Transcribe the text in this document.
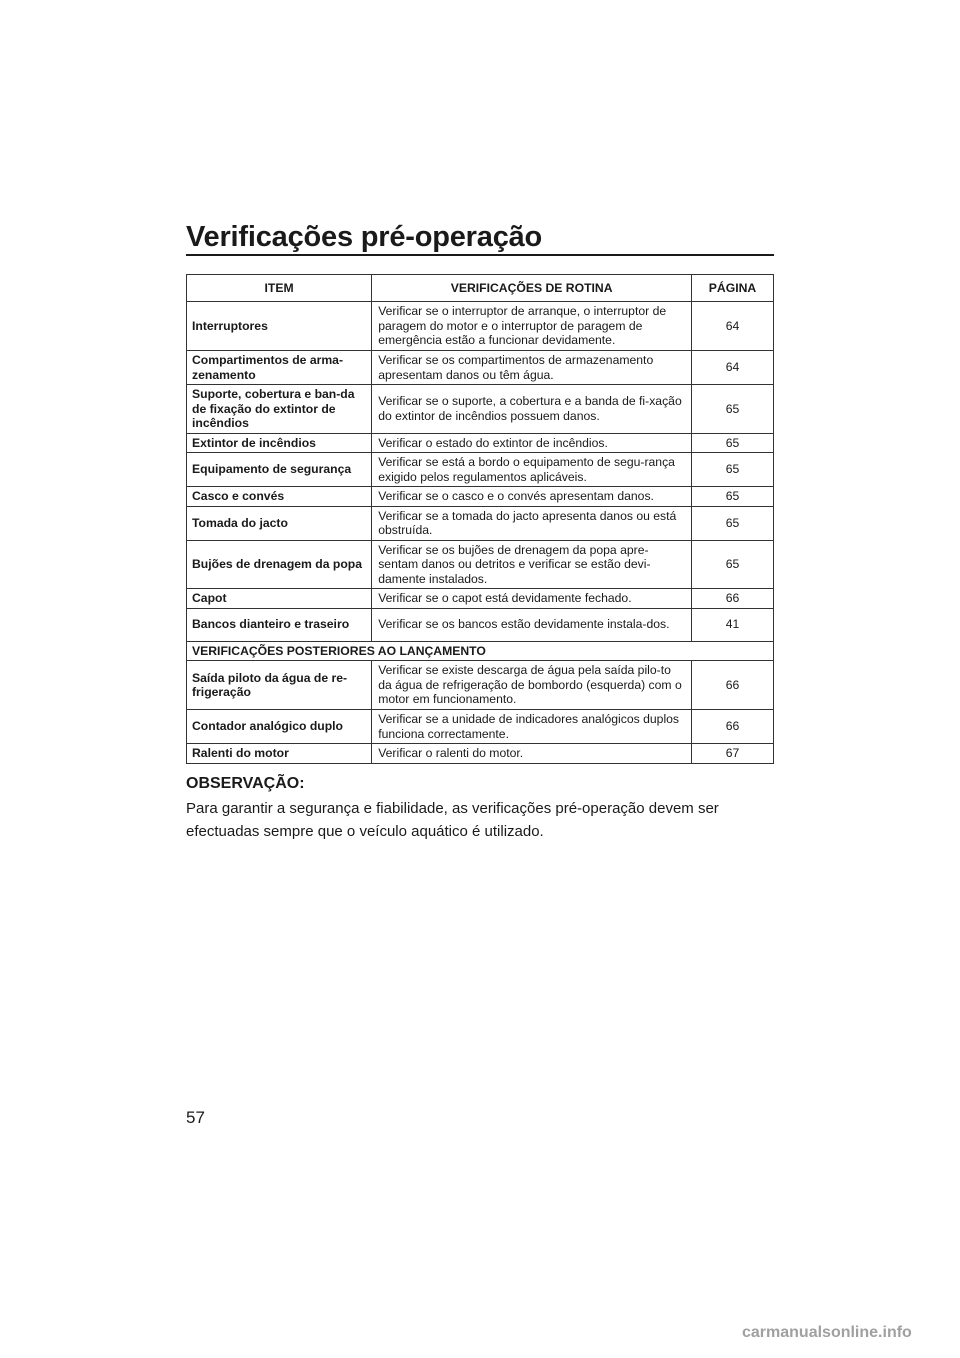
Verificações pré-operação
ITEM	VERIFICAÇÕES DE ROTINA	PÁGINA
Interruptores	Verificar se o interruptor de arranque, o interruptor de paragem do motor e o interruptor de paragem de emergência estão a funcionar devidamente.	64
Compartimentos de arma-zenamento	Verificar se os compartimentos de armazenamento apresentam danos ou têm água.	64
Suporte, cobertura e ban-da de fixação do extintor de incêndios	Verificar se o suporte, a cobertura e a banda de fi-xação do extintor de incêndios possuem danos.	65
Extintor de incêndios	Verificar o estado do extintor de incêndios.	65
Equipamento de segurança	Verificar se está a bordo o equipamento de segu-rança exigido pelos regulamentos aplicáveis.	65
Casco e convés	Verificar se o casco e o convés apresentam danos.	65
Tomada do jacto	Verificar se a tomada do jacto apresenta danos ou está obstruída.	65
Bujões de drenagem da popa	Verificar se os bujões de drenagem da popa apre-sentam danos ou detritos e verificar se estão devi-damente instalados.	65
Capot	Verificar se o capot está devidamente fechado.	66
Bancos dianteiro e traseiro	Verificar se os bancos estão devidamente instala-dos.	41
VERIFICAÇÕES POSTERIORES AO LANÇAMENTO		
Saída piloto da água de re-frigeração	Verificar se existe descarga de água pela saída pilo-to da água de refrigeração de bombordo (esquerda) com o motor em funcionamento.	66
Contador analógico duplo	Verificar se a unidade de indicadores analógicos duplos funciona correctamente.	66
Ralenti do motor	Verificar o ralenti do motor.	67
OBSERVAÇÃO:
Para garantir a segurança e fiabilidade, as verificações pré-operação devem ser efectuadas sempre que o veículo aquático é utilizado.
57
carmanualsonline.info
